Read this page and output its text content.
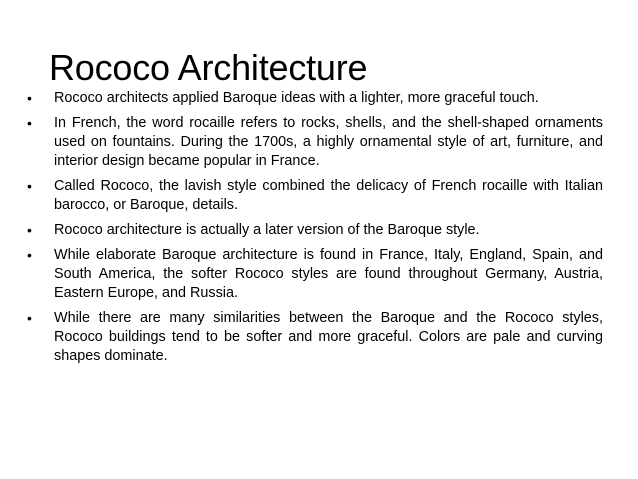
Rococo Architecture
•	Rococo architects applied Baroque ideas with a lighter, more graceful touch.
•	In French, the word rocaille refers to rocks, shells, and the shell-shaped ornaments used on fountains. During the 1700s, a highly ornamental style of art, furniture, and interior design became popular in France.
•	Called Rococo, the lavish style combined the delicacy of French rocaille with Italian barocco, or Baroque, details.
•	Rococo architecture is actually a later version of the Baroque style.
•	While elaborate Baroque architecture is found in France, Italy, England, Spain, and South America, the softer Rococo styles are found throughout Germany, Austria, Eastern Europe, and Russia.
•	While there are many similarities between the Baroque and the Rococo styles, Rococo buildings tend to be softer and more graceful. Colors are pale and curving shapes dominate.
